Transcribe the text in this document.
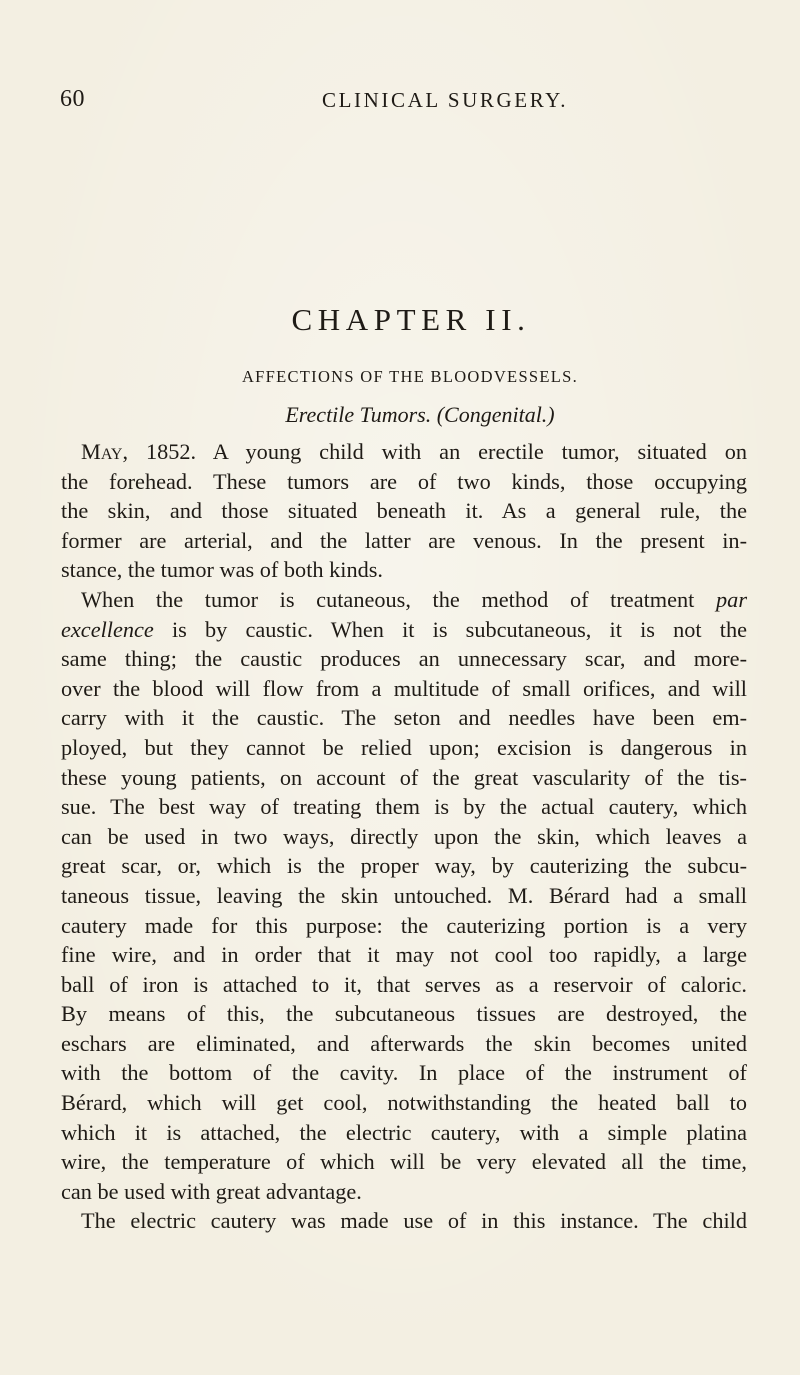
60	CLINICAL SURGERY.
CHAPTER II.
AFFECTIONS OF THE BLOODVESSELS.
Erectile Tumors. (Congenital.)
May, 1852. A young child with an erectile tumor, situated on
the forehead. These tumors are of two kinds, those occupying
the skin, and those situated beneath it. As a general rule, the
former are arterial, and the latter are venous. In the present in-
stance, the tumor was of both kinds.
When the tumor is cutaneous, the method of treatment par
excellence is by caustic. When it is subcutaneous, it is not the
same thing; the caustic produces an unnecessary scar, and more-
over the blood will flow from a multitude of small orifices, and will
carry with it the caustic. The seton and needles have been em-
ployed, but they cannot be relied upon; excision is dangerous in
these young patients, on account of the great vascularity of the tis-
sue. The best way of treating them is by the actual cautery, which
can be used in two ways, directly upon the skin, which leaves a
great scar, or, which is the proper way, by cauterizing the subcu-
taneous tissue, leaving the skin untouched. M. Bérard had a small
cautery made for this purpose: the cauterizing portion is a very
fine wire, and in order that it may not cool too rapidly, a large
ball of iron is attached to it, that serves as a reservoir of caloric.
By means of this, the subcutaneous tissues are destroyed, the
eschars are eliminated, and afterwards the skin becomes united
with the bottom of the cavity. In place of the instrument of
Bérard, which will get cool, notwithstanding the heated ball to
which it is attached, the electric cautery, with a simple platina
wire, the temperature of which will be very elevated all the time,
can be used with great advantage.
The electric cautery was made use of in this instance. The child
